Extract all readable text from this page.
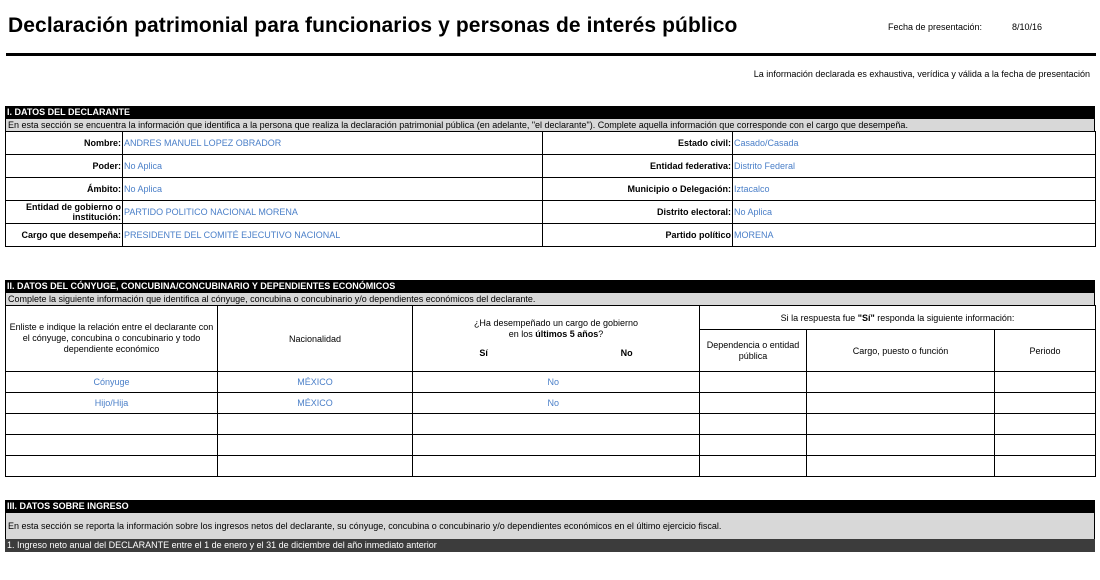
Declaración patrimonial para funcionarios y personas de interés público	Fecha de presentación:	8/10/16
La información declarada es exhaustiva, verídica y válida a la fecha de presentación
I. DATOS DEL DECLARANTE
En esta sección se encuentra la información que identifica a la persona que realiza la declaración patrimonial pública (en adelante, "el declarante"). Complete aquella información que corresponde con el cargo que desempeña.
Nombre:	ANDRES MANUEL LOPEZ OBRADOR	Estado civil:	Casado/Casada
Poder:	No Aplica	Entidad federativa:	Distrito Federal
Ámbito:	No Aplica	Municipio o Delegación:	Iztacalco
Entidad de gobierno o institución:	PARTIDO POLITICO NACIONAL MORENA	Distrito electoral:	No Aplica
Cargo que desempeña:	PRESIDENTE DEL COMITÉ EJECUTIVO NACIONAL	Partido político	MORENA
II. DATOS DEL CÓNYUGE, CONCUBINA/CONCUBINARIO Y DEPENDIENTES ECONÓMICOS
Complete la siguiente información que identifica al cónyuge, concubina o concubinario y/o dependientes económicos del declarante.
Enliste e indique la relación entre el declarante con el cónyuge, concubina o concubinario y todo dependiente económico	Nacionalidad	¿Ha desempeñado un cargo de gobierno
en los últimos 5 años?
Sí No	Si la respuesta fue "Sí" responda la siguiente información:		
			Dependencia o entidad pública	Cargo, puesto o función	Periodo
Cónyuge	MÉXICO	No			
Hijo/Hija	MÉXICO	No			

III. DATOS SOBRE INGRESO
En esta sección se reporta la información sobre los ingresos netos del declarante, su cónyuge, concubina o concubinario y/o dependientes económicos en el último ejercicio fiscal.
1. Ingreso neto anual del DECLARANTE entre el 1 de enero y el 31 de diciembre del año inmediato anterior
